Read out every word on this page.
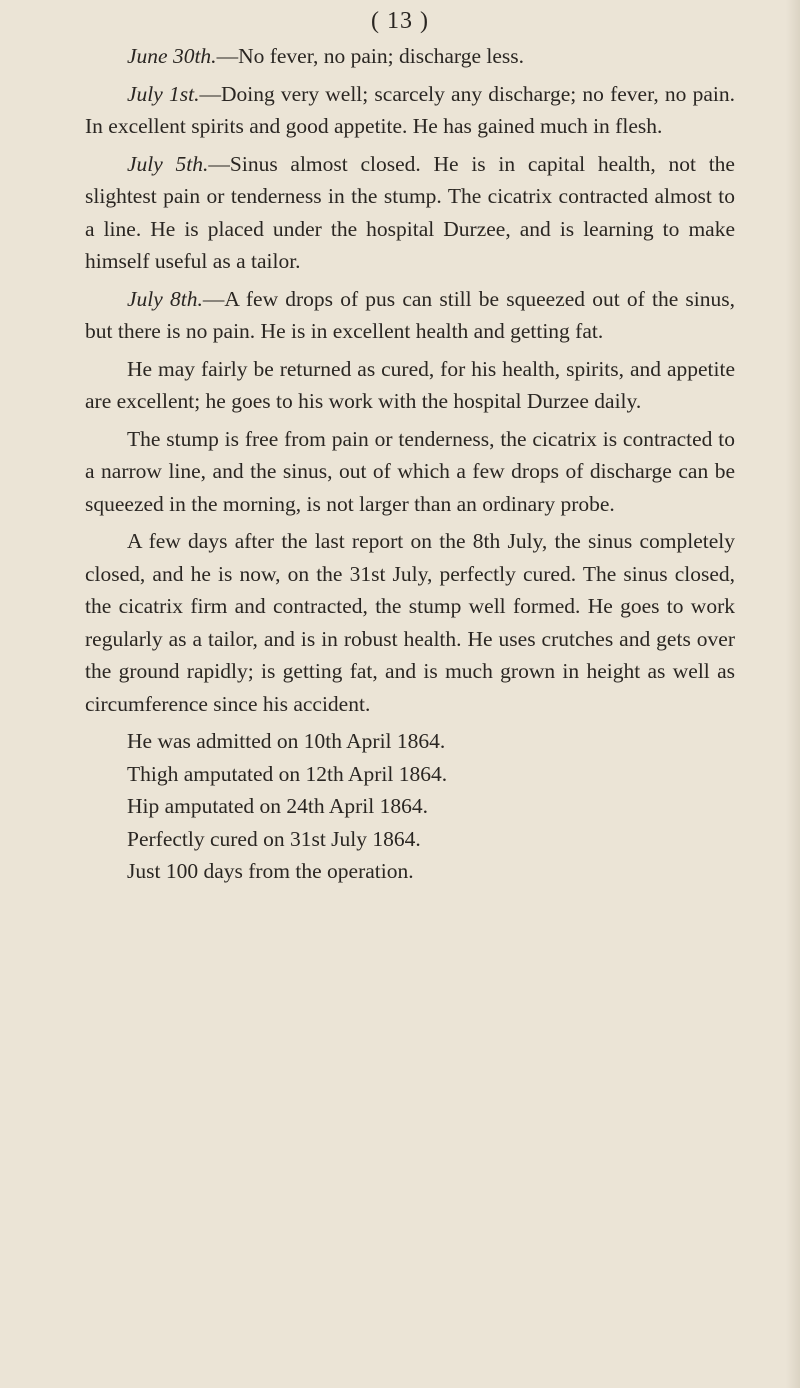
( 13 )

June 30th.—No fever, no pain; discharge less.

July 1st.—Doing very well; scarcely any discharge; no fever, no pain. In excellent spirits and good appetite. He has gained much in flesh.

July 5th.—Sinus almost closed. He is in capital health, not the slightest pain or tenderness in the stump. The cicatrix contracted almost to a line. He is placed under the hospital Durzee, and is learning to make himself useful as a tailor.

July 8th.—A few drops of pus can still be squeezed out of the sinus, but there is no pain. He is in excellent health and getting fat.

He may fairly be returned as cured, for his health, spirits, and appetite are excellent; he goes to his work with the hospital Durzee daily.

The stump is free from pain or tenderness, the cicatrix is contracted to a narrow line, and the sinus, out of which a few drops of discharge can be squeezed in the morning, is not larger than an ordinary probe.

A few days after the last report on the 8th July, the sinus completely closed, and he is now, on the 31st July, perfectly cured. The sinus closed, the cicatrix firm and contracted, the stump well formed. He goes to work regularly as a tailor, and is in robust health. He uses crutches and gets over the ground rapidly; is getting fat, and is much grown in height as well as circumference since his accident.

He was admitted on 10th April 1864.
Thigh amputated on 12th April 1864.
Hip amputated on 24th April 1864.
Perfectly cured on 31st July 1864.
Just 100 days from the operation.
